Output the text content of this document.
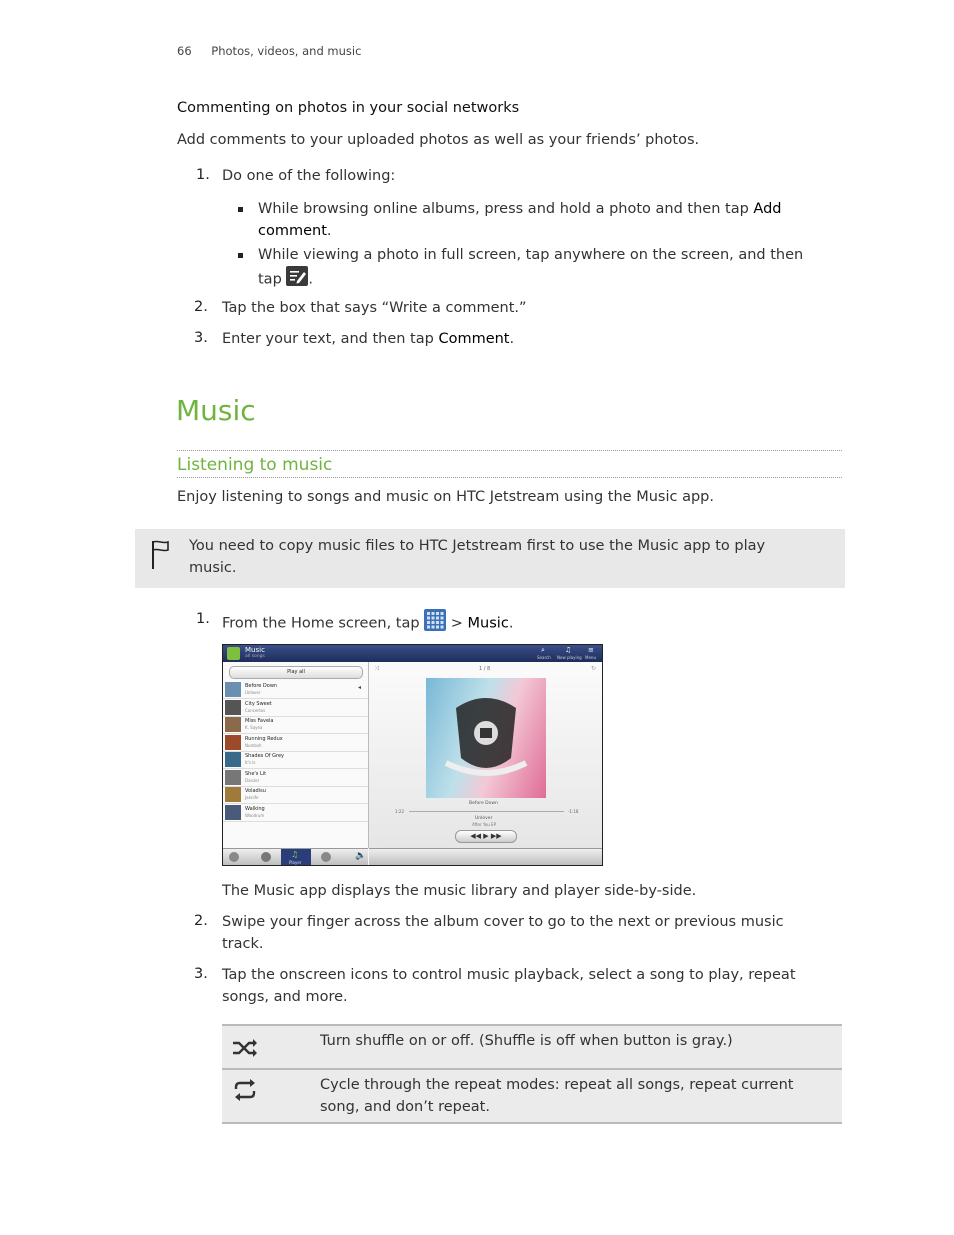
66 Photos, videos, and music
Commenting on photos in your social networks
Add comments to your uploaded photos as well as your friends’ photos.
1. Do one of the following:
While browsing online albums, press and hold a photo and then tap Add
comment.
While viewing a photo in full screen, tap anywhere on the screen, and then
tap .
2. Tap the box that says “Write a comment.”
3. Enter your text, and then tap Comment.
Music
Listening to music
Enjoy listening to songs and music on HTC Jetstream using the Music app.
You need to copy music files to HTC Jetstream first to use the Music app to play
music.
1. From the Home screen, tap  > Music.
Music
all songs
⌕
Search
♫
Now playing
≡
Menu
Play all
Before Down
Unlover
◂
City Sweet
Concertos
Miss Favela
K. Sayea
Running Redux
Numbsh
Shades Of Grey
It's Is
She's Lit
Danzer
Voladisu
Jaknife
Walking
Woodrum
1 / 8
⤨	↻
Before Down
1:22	-1:18
Unlover
After You EP
◀◀ ▶ ▶▶
♫
Player
🔈
The Music app displays the music library and player side-by-side.
2. Swipe your finger across the album cover to go to the next or previous music
track.
3. Tap the onscreen icons to control music playback, select a song to play, repeat
songs, and more.
	Turn shuffle on or off. (Shuffle is off when button is gray.)

	Cycle through the repeat modes: repeat all songs, repeat current
song, and don’t repeat.
